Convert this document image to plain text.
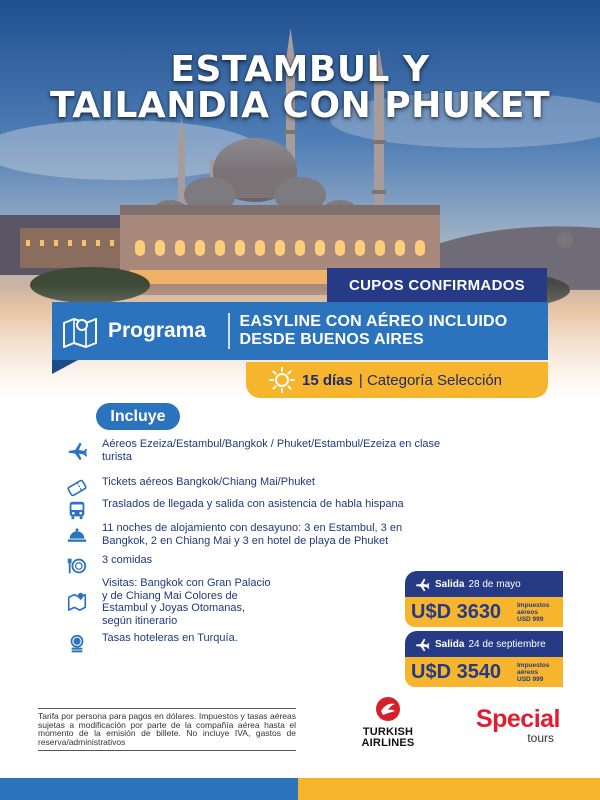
ESTAMBUL Y
TAILANDIA CON PHUKET
CUPOS CONFIRMADOS
Programa	EASYLINE CON AÉREO INCLUIDO
DESDE BUENOS AIRES
15 días | Categoría Selección
Incluye
Aéreos Ezeiza/Estambul/Bangkok / Phuket/Estambul/Ezeiza en clase turista
Tickets aéreos Bangkok/Chiang Mai/Phuket
Traslados de llegada y salida con asistencia de habla hispana
11 noches de alojamiento con desayuno: 3 en Estambul, 3 en Bangkok, 2 en Chiang Mai y 3 en hotel de playa de Phuket
3 comidas
Visitas: Bangkok con Gran Palacio y de Chiang Mai Colores de Estambul y Joyas Otomanas, según itinerario
Tasas hoteleras en Turquía.
Salida 28 de mayo
U$D 3630	Impuestos
aéreos
USD 999
Salida 24 de septiembre
U$D 3540	Impuestos
aéreos
USD 999
Tarifa por persona para pagos en dólares. Impuestos y tasas aéreas sujetas a modificación por parte de la compañía aérea hasta el momento de la emisión de billete. No incluye IVA, gastos de reserva/administrativos
TURKISH
AIRLINES
Special
tours
